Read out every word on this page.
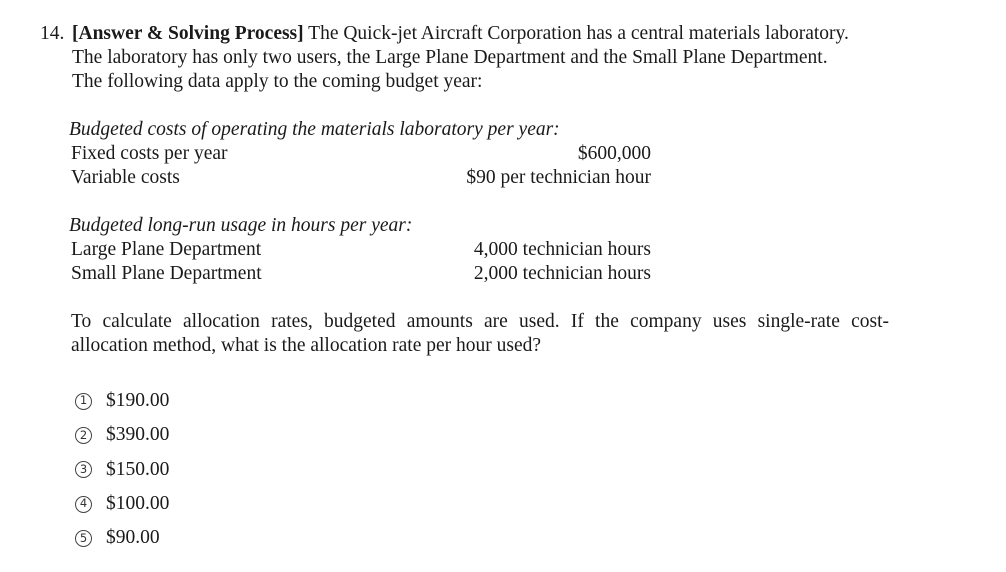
14. [Answer & Solving Process] The Quick-jet Aircraft Corporation has a central materials laboratory.
The laboratory has only two users, the Large Plane Department and the Small Plane Department.
The following data apply to the coming budget year:
Budgeted costs of operating the materials laboratory per year:
Fixed costs per year	$600,000
Variable costs	$90 per technician hour
Budgeted long-run usage in hours per year:
Large Plane Department	4,000 technician hours
Small Plane Department	2,000 technician hours
To calculate allocation rates, budgeted amounts are used. If the company uses single-rate cost-
allocation method, what is the allocation rate per hour used?
1 $190.00
2 $390.00
3 $150.00
4 $100.00
5 $90.00
